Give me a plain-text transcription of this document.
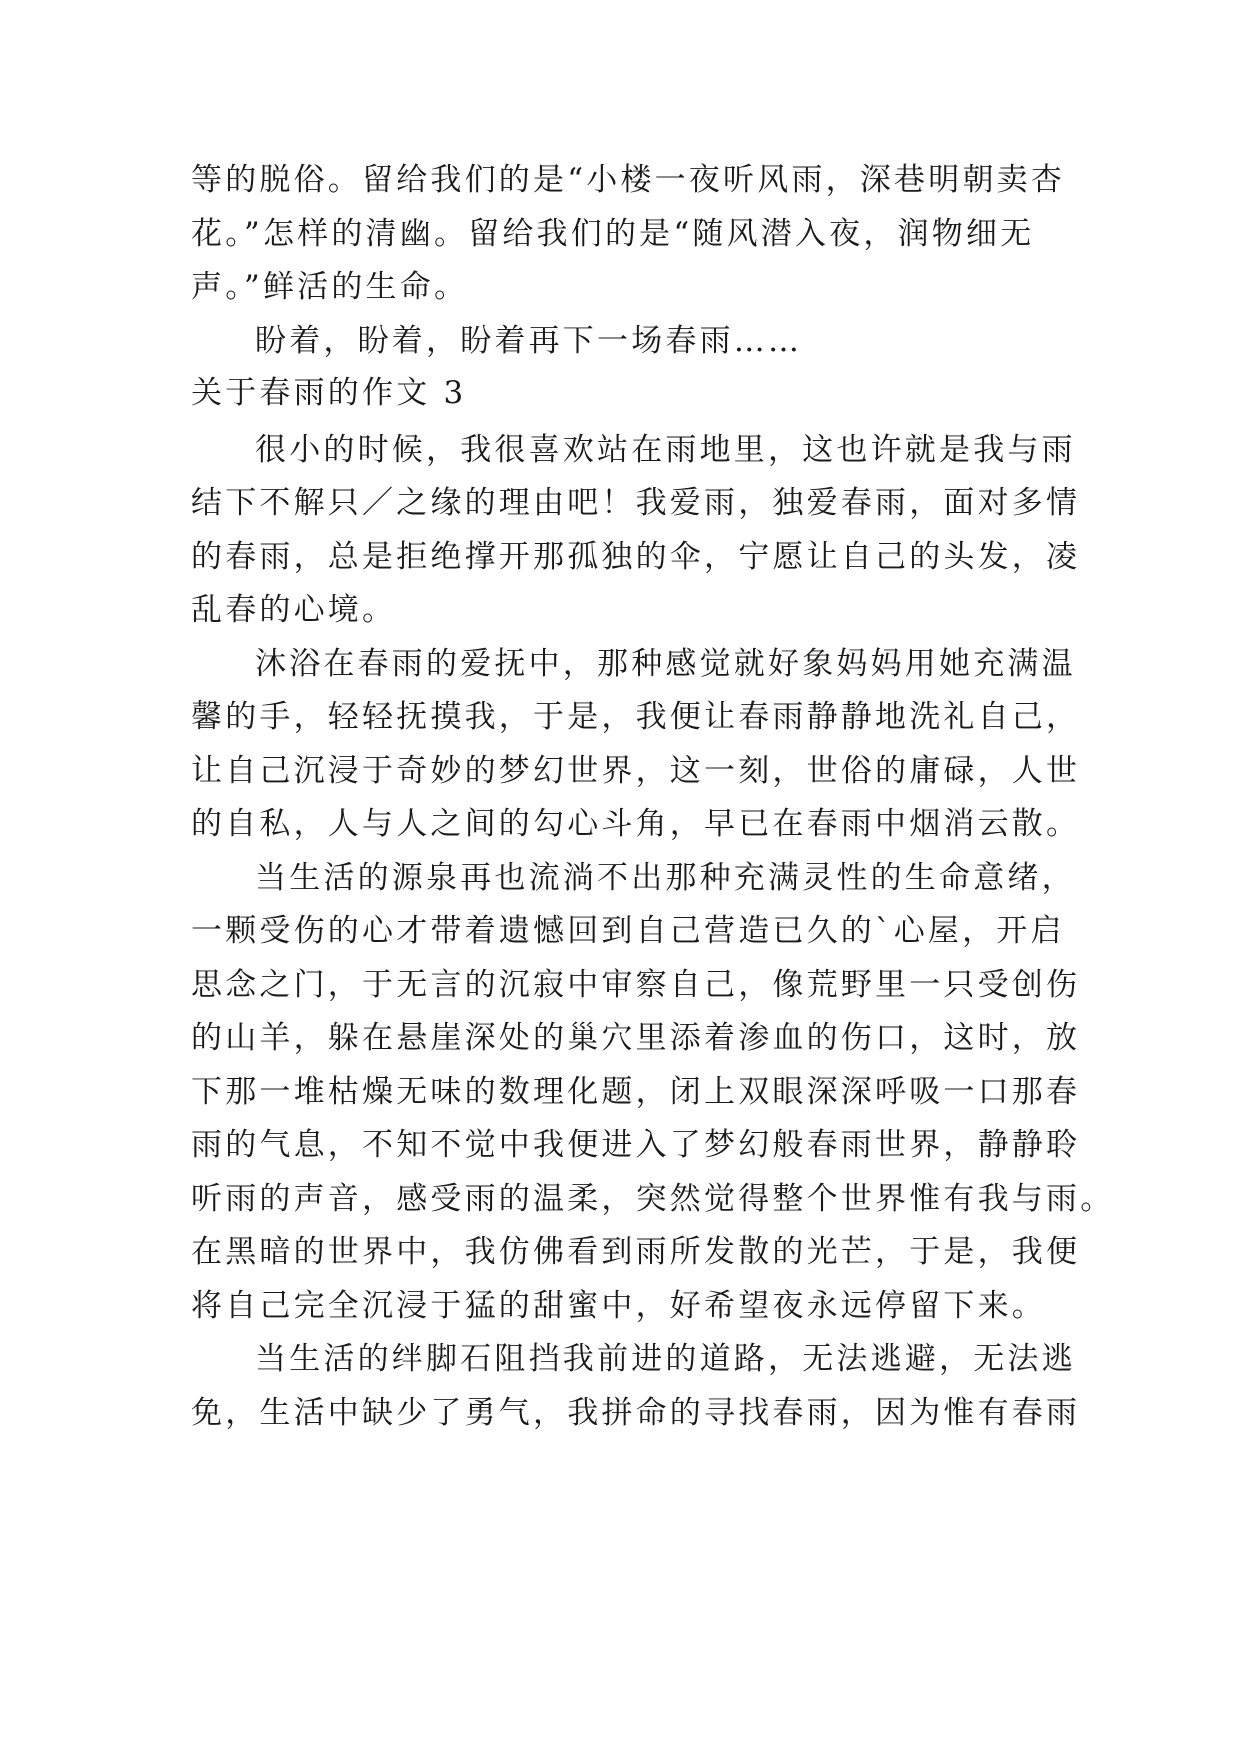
等的脱俗。留给我们的是“小楼一夜听风雨，深巷明朝卖杏
花。”怎样的清幽。留给我们的是“随风潜入夜，润物细无
声。”鲜活的生命。
盼着，盼着，盼着再下一场春雨……
关于春雨的作文 3
很小的时候，我很喜欢站在雨地里，这也许就是我与雨
结下不解只／之缘的理由吧！我爱雨，独爱春雨，面对多情
的春雨，总是拒绝撑开那孤独的伞，宁愿让自己的头发，凌
乱春的心境。
沐浴在春雨的爱抚中，那种感觉就好象妈妈用她充满温
馨的手，轻轻抚摸我，于是，我便让春雨静静地洗礼自己，
让自己沉浸于奇妙的梦幻世界，这一刻，世俗的庸碌，人世
的自私，人与人之间的勾心斗角，早已在春雨中烟消云散。
当生活的源泉再也流淌不出那种充满灵性的生命意绪，
一颗受伤的心才带着遗憾回到自己营造已久的`心屋，开启
思念之门，于无言的沉寂中审察自己，像荒野里一只受创伤
的山羊，躲在悬崖深处的巢穴里添着渗血的伤口，这时，放
下那一堆枯燥无味的数理化题，闭上双眼深深呼吸一口那春
雨的气息，不知不觉中我便进入了梦幻般春雨世界，静静聆
听雨的声音，感受雨的温柔，突然觉得整个世界惟有我与雨。
在黑暗的世界中，我仿佛看到雨所发散的光芒，于是，我便
将自己完全沉浸于猛的甜蜜中，好希望夜永远停留下来。
当生活的绊脚石阻挡我前进的道路，无法逃避，无法逃
免，生活中缺少了勇气，我拼命的寻找春雨，因为惟有春雨
